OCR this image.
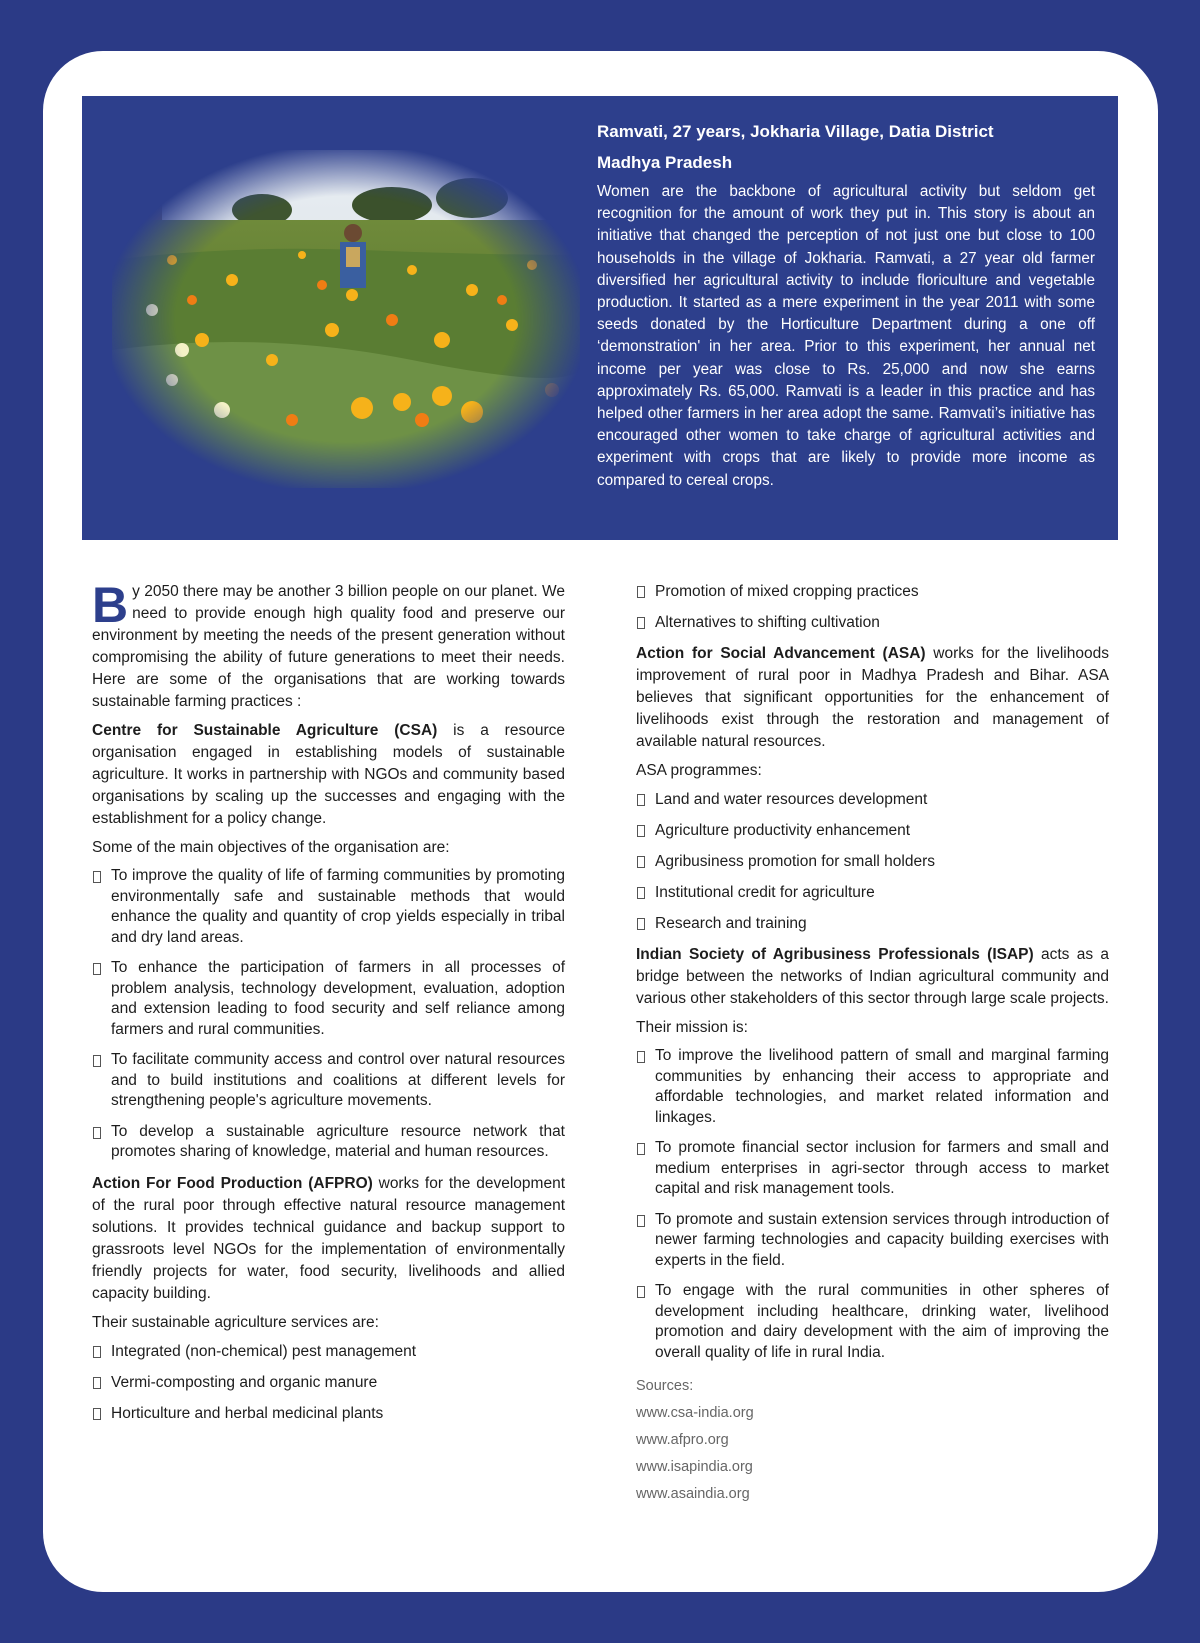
Ramvati, 27 years, Jokharia Village, Datia District

Madhya Pradesh

Women are the backbone of agricultural activity but seldom get recognition for the amount of work they put in. This story is about an initiative that changed the perception of not just one but close to 100 households in the village of Jokharia. Ramvati, a 27 year old farmer diversified her agricultural activity to include floriculture and vegetable production. It started as a mere experiment in the year 2011 with some seeds donated by the Horticulture Department during a one off ‘demonstration' in her area. Prior to this experiment, her annual net income per year was close to Rs. 25,000 and now she earns approximately Rs. 65,000. Ramvati is a leader in this practice and has helped other farmers in her area adopt the same. Ramvati’s initiative has encouraged other women to take charge of agricultural activities and experiment with crops that are likely to provide more income as compared to cereal crops.

By 2050 there may be another 3 billion people on our planet. We need to provide enough high quality food and preserve our environment by meeting the needs of the present generation without compromising the ability of future generations to meet their needs. Here are some of the organisations that are working towards sustainable farming practices :

Centre for Sustainable Agriculture (CSA) is a resource organisation engaged in establishing models of sustainable agriculture. It works in partnership with NGOs and community based organisations by scaling up the successes and engaging with the establishment for a policy change.

Some of the main objectives of the organisation are:

To improve the quality of life of farming communities by promoting environmentally safe and sustainable methods that would enhance the quality and quantity of crop yields especially in tribal and dry land areas.
To enhance the participation of farmers in all processes of problem analysis, technology development, evaluation, adoption and extension leading to food security and self reliance among farmers and rural communities.
To facilitate community access and control over natural resources and to build institutions and coalitions at different levels for strengthening people's agriculture movements.
To develop a sustainable agriculture resource network that promotes sharing of knowledge, material and human resources.

Action For Food Production (AFPRO) works for the development of the rural poor through effective natural resource management solutions. It provides technical guidance and backup support to grassroots level NGOs for the implementation of environmentally friendly projects for water, food security, livelihoods and allied capacity building.

Their sustainable agriculture services are:

Integrated (non-chemical) pest management
Vermi-composting and organic manure
Horticulture and herbal medicinal plants
Promotion of mixed cropping practices
Alternatives to shifting cultivation

Action for Social Advancement (ASA) works for the livelihoods improvement of rural poor in Madhya Pradesh and Bihar. ASA believes that significant opportunities for the enhancement of livelihoods exist through the restoration and management of available natural resources.

ASA programmes:

Land and water resources development
Agriculture productivity enhancement
Agribusiness promotion for small holders
Institutional credit for agriculture
Research and training

Indian Society of Agribusiness Professionals (ISAP) acts as a bridge between the networks of Indian agricultural community and various other stakeholders of this sector through large scale projects.

Their mission is:

To improve the livelihood pattern of small and marginal farming communities by enhancing their access to appropriate and affordable technologies, and market related information and linkages.
To promote financial sector inclusion for farmers and small and medium enterprises in agri-sector through access to market capital and risk management tools.
To promote and sustain extension services through introduction of newer farming technologies and capacity building exercises with experts in the field.
To engage with the rural communities in other spheres of development including healthcare, drinking water, livelihood promotion and dairy development with the aim of improving the overall quality of life in rural India.
Sources:
www.csa-india.org
www.afpro.org
www.isapindia.org
www.asaindia.org
